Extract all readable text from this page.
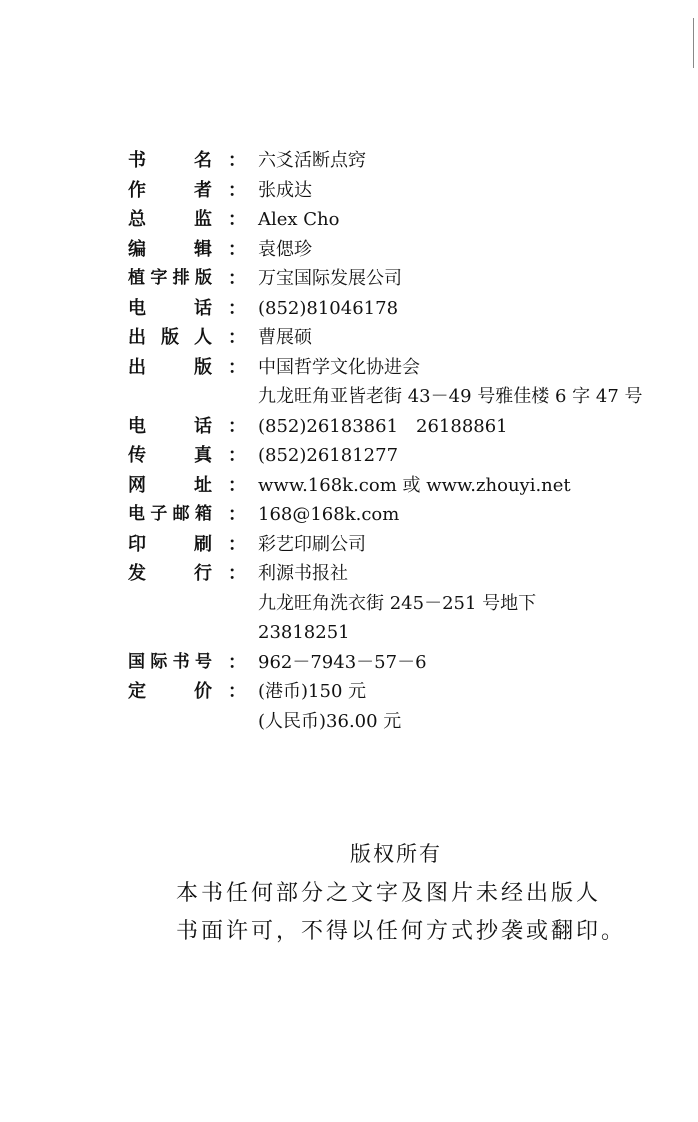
书　名 ： 六爻活断点窍
作　者 ： 张成达
总　监 ： Alex Cho
编　辑 ： 袁偲珍
植字排版 ： 万宝国际发展公司
电　话 ： (852)81046178
出版人 ： 曹展硕
出　版 ： 中国哲学文化协进会
九龙旺角亚皆老街 43－49 号雅佳楼 6 字 47 号
电　话 ： (852)26183861　26188861
传　真 ： (852)26181277
网　址 ： www.168k.com 或 www.zhouyi.net
电子邮箱 ： 168@168k.com
印　刷 ： 彩艺印刷公司
发　行 ： 利源书报社
九龙旺角洗衣街 245－251 号地下
23818251
国际书号 ： 962－7943－57－6
定　价 ： (港币)150 元
(人民币)36.00 元
版权所有
本书任何部分之文字及图片未经出版人
书面许可，不得以任何方式抄袭或翻印。
